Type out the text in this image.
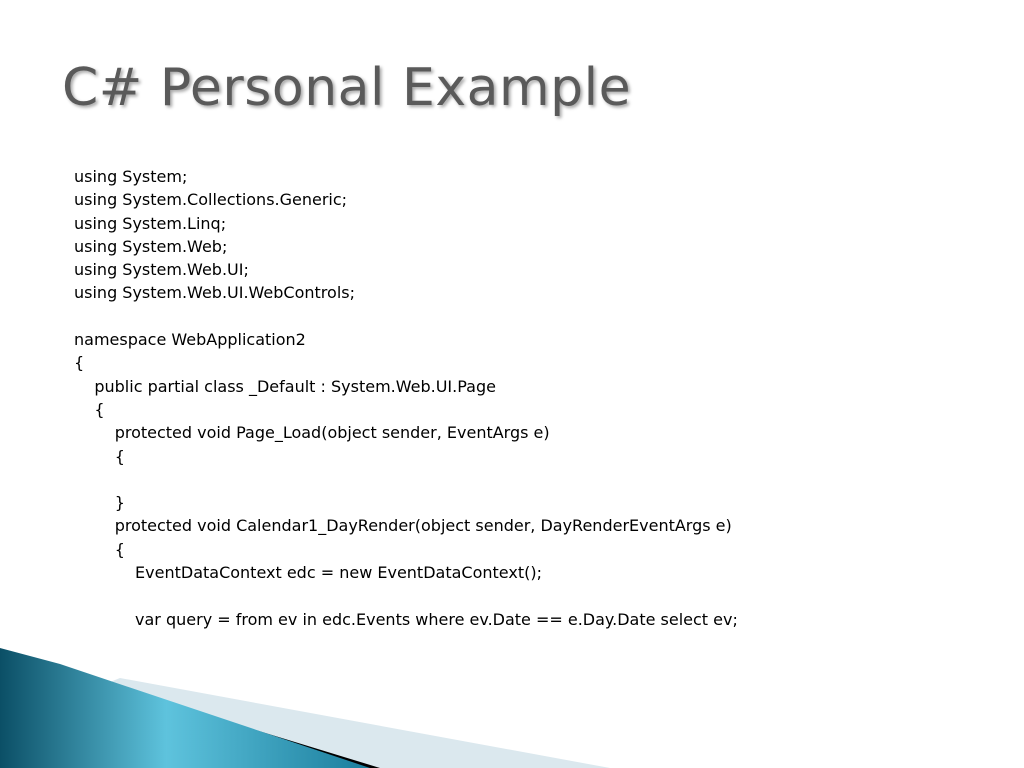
C# Personal Example
using System;
using System.Collections.Generic;
using System.Linq;
using System.Web;
using System.Web.UI;
using System.Web.UI.WebControls;
namespace WebApplication2
{
public partial class _Default : System.Web.UI.Page
{
protected void Page_Load(object sender, EventArgs e)
{
}
protected void Calendar1_DayRender(object sender, DayRenderEventArgs e)
{
EventDataContext edc = new EventDataContext();
var query = from ev in edc.Events where ev.Date == e.Day.Date select ev;
